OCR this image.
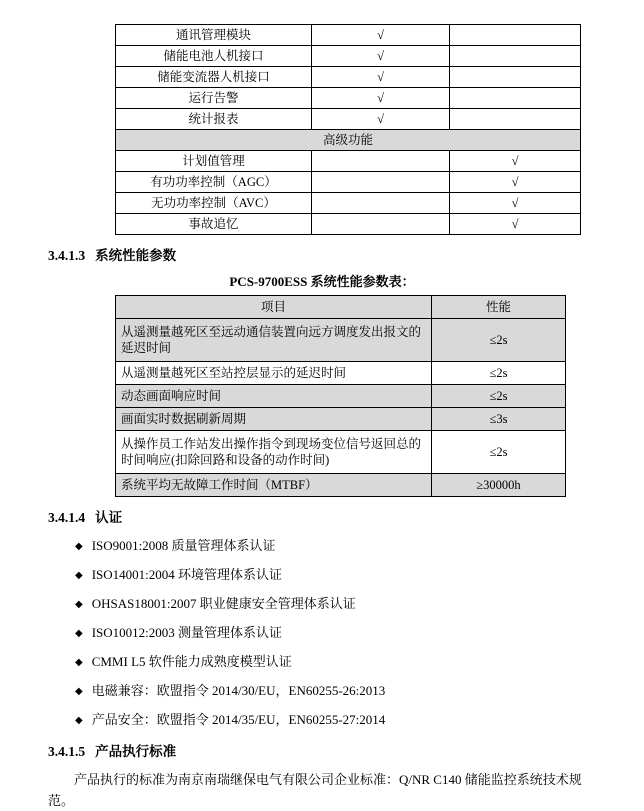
通讯管理模块	√	
储能电池人机接口	√	
储能变流器人机接口	√	
运行告警	√	
统计报表	√	
高级功能		
计划值管理		√
有功功率控制（AGC）		√
无功功率控制（AVC）		√
事故追忆		√
3.4.1.3 系统性能参数
PCS-9700ESS 系统性能参数表：
项目	性能
从遥测量越死区至远动通信装置向远方调度发出报文的延迟时间	≤2s
从遥测量越死区至站控层显示的延迟时间	≤2s
动态画面响应时间	≤2s
画面实时数据刷新周期	≤3s
从操作员工作站发出操作指令到现场变位信号返回总的时间响应(扣除回路和设备的动作时间)	≤2s
系统平均无故障工作时间（MTBF）	≥30000h
3.4.1.4 认证
◆ ISO9001:2008 质量管理体系认证
◆ ISO14001:2004 环境管理体系认证
◆ OHSAS18001:2007 职业健康安全管理体系认证
◆ ISO10012:2003 测量管理体系认证
◆ CMMI L5 软件能力成熟度模型认证
◆ 电磁兼容：欧盟指令 2014/30/EU，EN60255-26:2013
◆ 产品安全：欧盟指令 2014/35/EU，EN60255-27:2014
3.4.1.5 产品执行标准

产品执行的标准为南京南瑞继保电气有限公司企业标准：Q/NR C140 储能监控系统技术规范。
